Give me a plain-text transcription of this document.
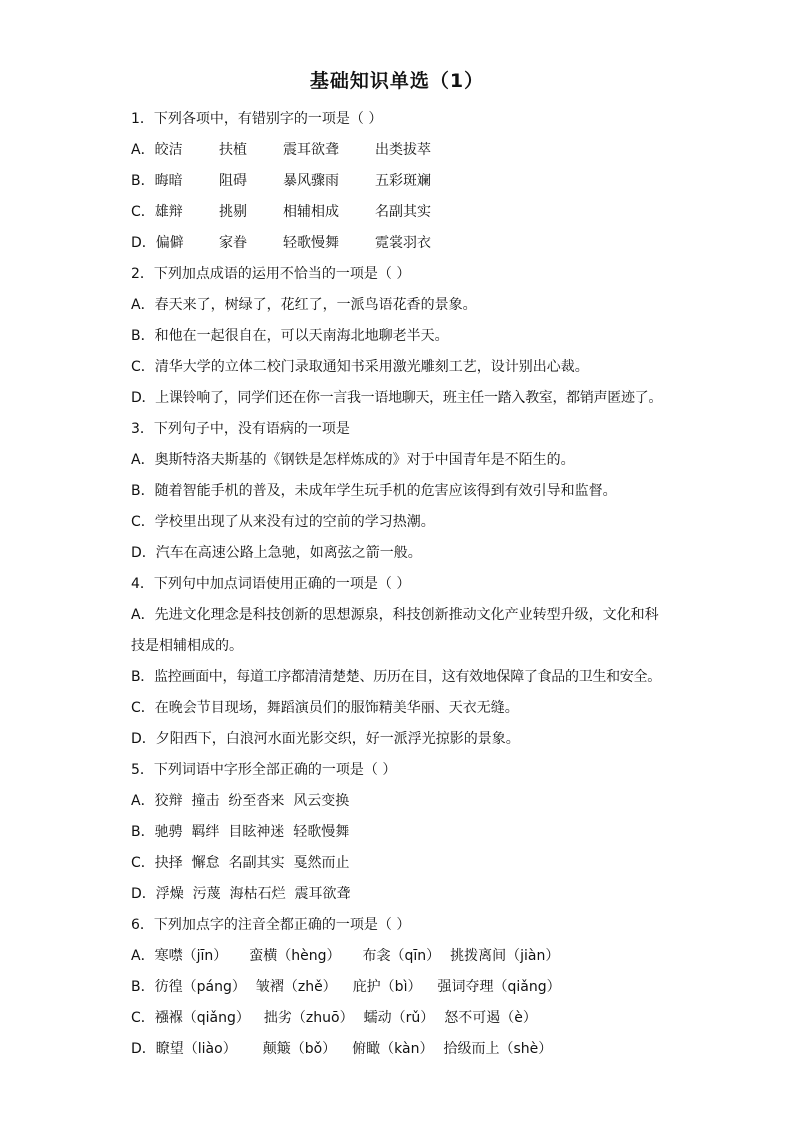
基础知识单选（1）
1．下列各项中，有错别字的一项是（ ）
A．皎洁	扶植	震耳欲聋	出类拔萃
B．晦暗	阻碍	暴风骤雨	五彩斑斓
C．雄辩	挑剔	相辅相成	名副其实
D．偏僻	家眷	轻歌慢舞	霓裳羽衣
2．下列加点成语的运用不恰当的一项是（ ）
A．春天来了，树绿了，花红了，一派鸟语花香的景象。
B．和他在一起很自在，可以天南海北地聊老半天。
C．清华大学的立体二校门录取通知书采用激光雕刻工艺，设计别出心裁。
D．上课铃响了，同学们还在你一言我一语地聊天，班主任一踏入教室，都销声匿迹了。
3．下列句子中，没有语病的一项是
A．奥斯特洛夫斯基的《钢铁是怎样炼成的》对于中国青年是不陌生的。
B．随着智能手机的普及，未成年学生玩手机的危害应该得到有效引导和监督。
C．学校里出现了从来没有过的空前的学习热潮。
D．汽车在高速公路上急驰，如离弦之箭一般。
4．下列句中加点词语使用正确的一项是（ ）
A．先进文化理念是科技创新的思想源泉，科技创新推动文化产业转型升级，文化和科技是相辅相成的。
B．监控画面中，每道工序都清清楚楚、历历在目，这有效地保障了食品的卫生和安全。
C．在晚会节目现场，舞蹈演员们的服饰精美华丽、天衣无缝。
D．夕阳西下，白浪河水面光影交织，好一派浮光掠影的景象。
5．下列词语中字形全部正确的一项是（ ）
A．狡辩  撞击  纷至沓来  风云变换
B．驰骋  羁绊  目眩神迷  轻歌慢舞
C．抉择  懈怠  名副其实  戛然而止
D．浮燥  污蔑  海枯石烂  震耳欲聋
6．下列加点字的注音全都正确的一项是（ ）
A．寒噤（jīn） 蛮横（hèng） 布衾（qīn） 挑拨离间（jiàn）
B．彷徨（páng） 皱褶（zhě） 庇护（bì） 强词夺理（qiǎng）
C．襁褓（qiǎng） 拙劣（zhuō） 蠕动（rǔ） 怒不可遏（è）
D．瞭望（liào） 颠簸（bǒ） 俯瞰（kàn） 拾级而上（shè）
